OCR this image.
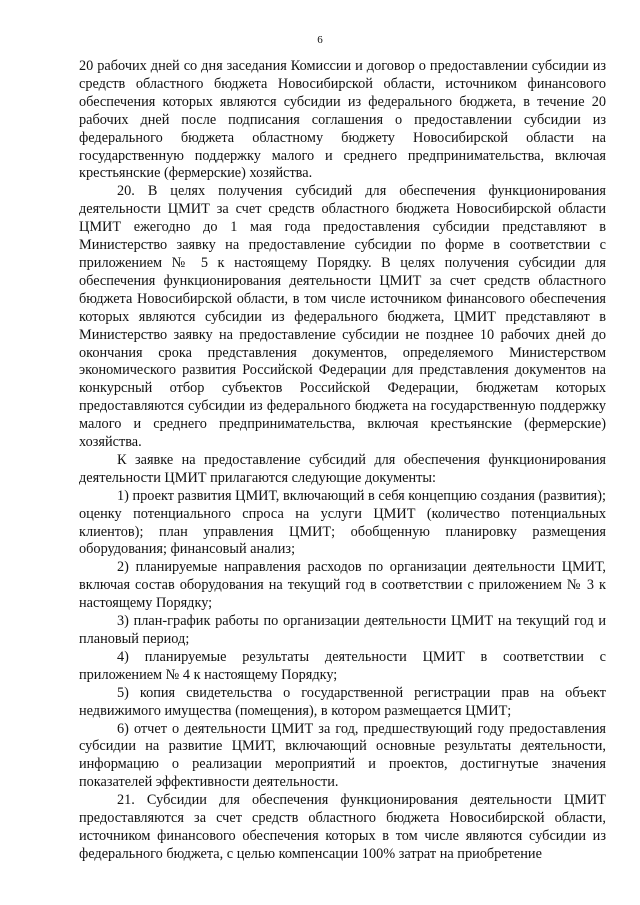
6

20 рабочих дней со дня заседания Комиссии и договор о предоставлении субсидии из средств областного бюджета Новосибирской области, источником финансового обеспечения которых являются субсидии из федерального бюджета, в течение 20 рабочих дней после подписания соглашения о предоставлении субсидии из федерального бюджета областному бюджету Новосибирской области на государственную поддержку малого и среднего предпринимательства, включая крестьянские (фермерские) хозяйства.

20. В целях получения субсидий для обеспечения функционирования деятельности ЦМИТ за счет средств областного бюджета Новосибирской области ЦМИТ ежегодно до 1 мая года предоставления субсидии представляют в Министерство заявку на предоставление субсидии по форме в соответствии с приложением № 5 к настоящему Порядку. В целях получения субсидии для обеспечения функционирования деятельности ЦМИТ за счет средств областного бюджета Новосибирской области, в том числе источником финансового обеспечения которых являются субсидии из федерального бюджета, ЦМИТ представляют в Министерство заявку на предоставление субсидии не позднее 10 рабочих дней до окончания срока представления документов, определяемого Министерством экономического развития Российской Федерации для представления документов на конкурсный отбор субъектов Российской Федерации, бюджетам которых предоставляются субсидии из федерального бюджета на государственную поддержку малого и среднего предпринимательства, включая крестьянские (фермерские) хозяйства.

К заявке на предоставление субсидий для обеспечения функционирования деятельности ЦМИТ прилагаются следующие документы:

1) проект развития ЦМИТ, включающий в себя концепцию создания (развития); оценку потенциального спроса на услуги ЦМИТ (количество потенциальных клиентов); план управления ЦМИТ; обобщенную планировку размещения оборудования; финансовый анализ;

2) планируемые направления расходов по организации деятельности ЦМИТ, включая состав оборудования на текущий год в соответствии с приложением № 3 к настоящему Порядку;

3) план-график работы по организации деятельности ЦМИТ на текущий год и плановый период;

4) планируемые результаты деятельности ЦМИТ в соответствии с приложением № 4 к настоящему Порядку;

5) копия свидетельства о государственной регистрации прав на объект недвижимого имущества (помещения), в котором размещается ЦМИТ;

6) отчет о деятельности ЦМИТ за год, предшествующий году предоставления субсидии на развитие ЦМИТ, включающий основные результаты деятельности, информацию о реализации мероприятий и проектов, достигнутые значения показателей эффективности деятельности.

21. Субсидии для обеспечения функционирования деятельности ЦМИТ предоставляются за счет средств областного бюджета Новосибирской области, источником финансового обеспечения которых в том числе являются субсидии из федерального бюджета, с целью компенсации 100% затрат на приобретение
